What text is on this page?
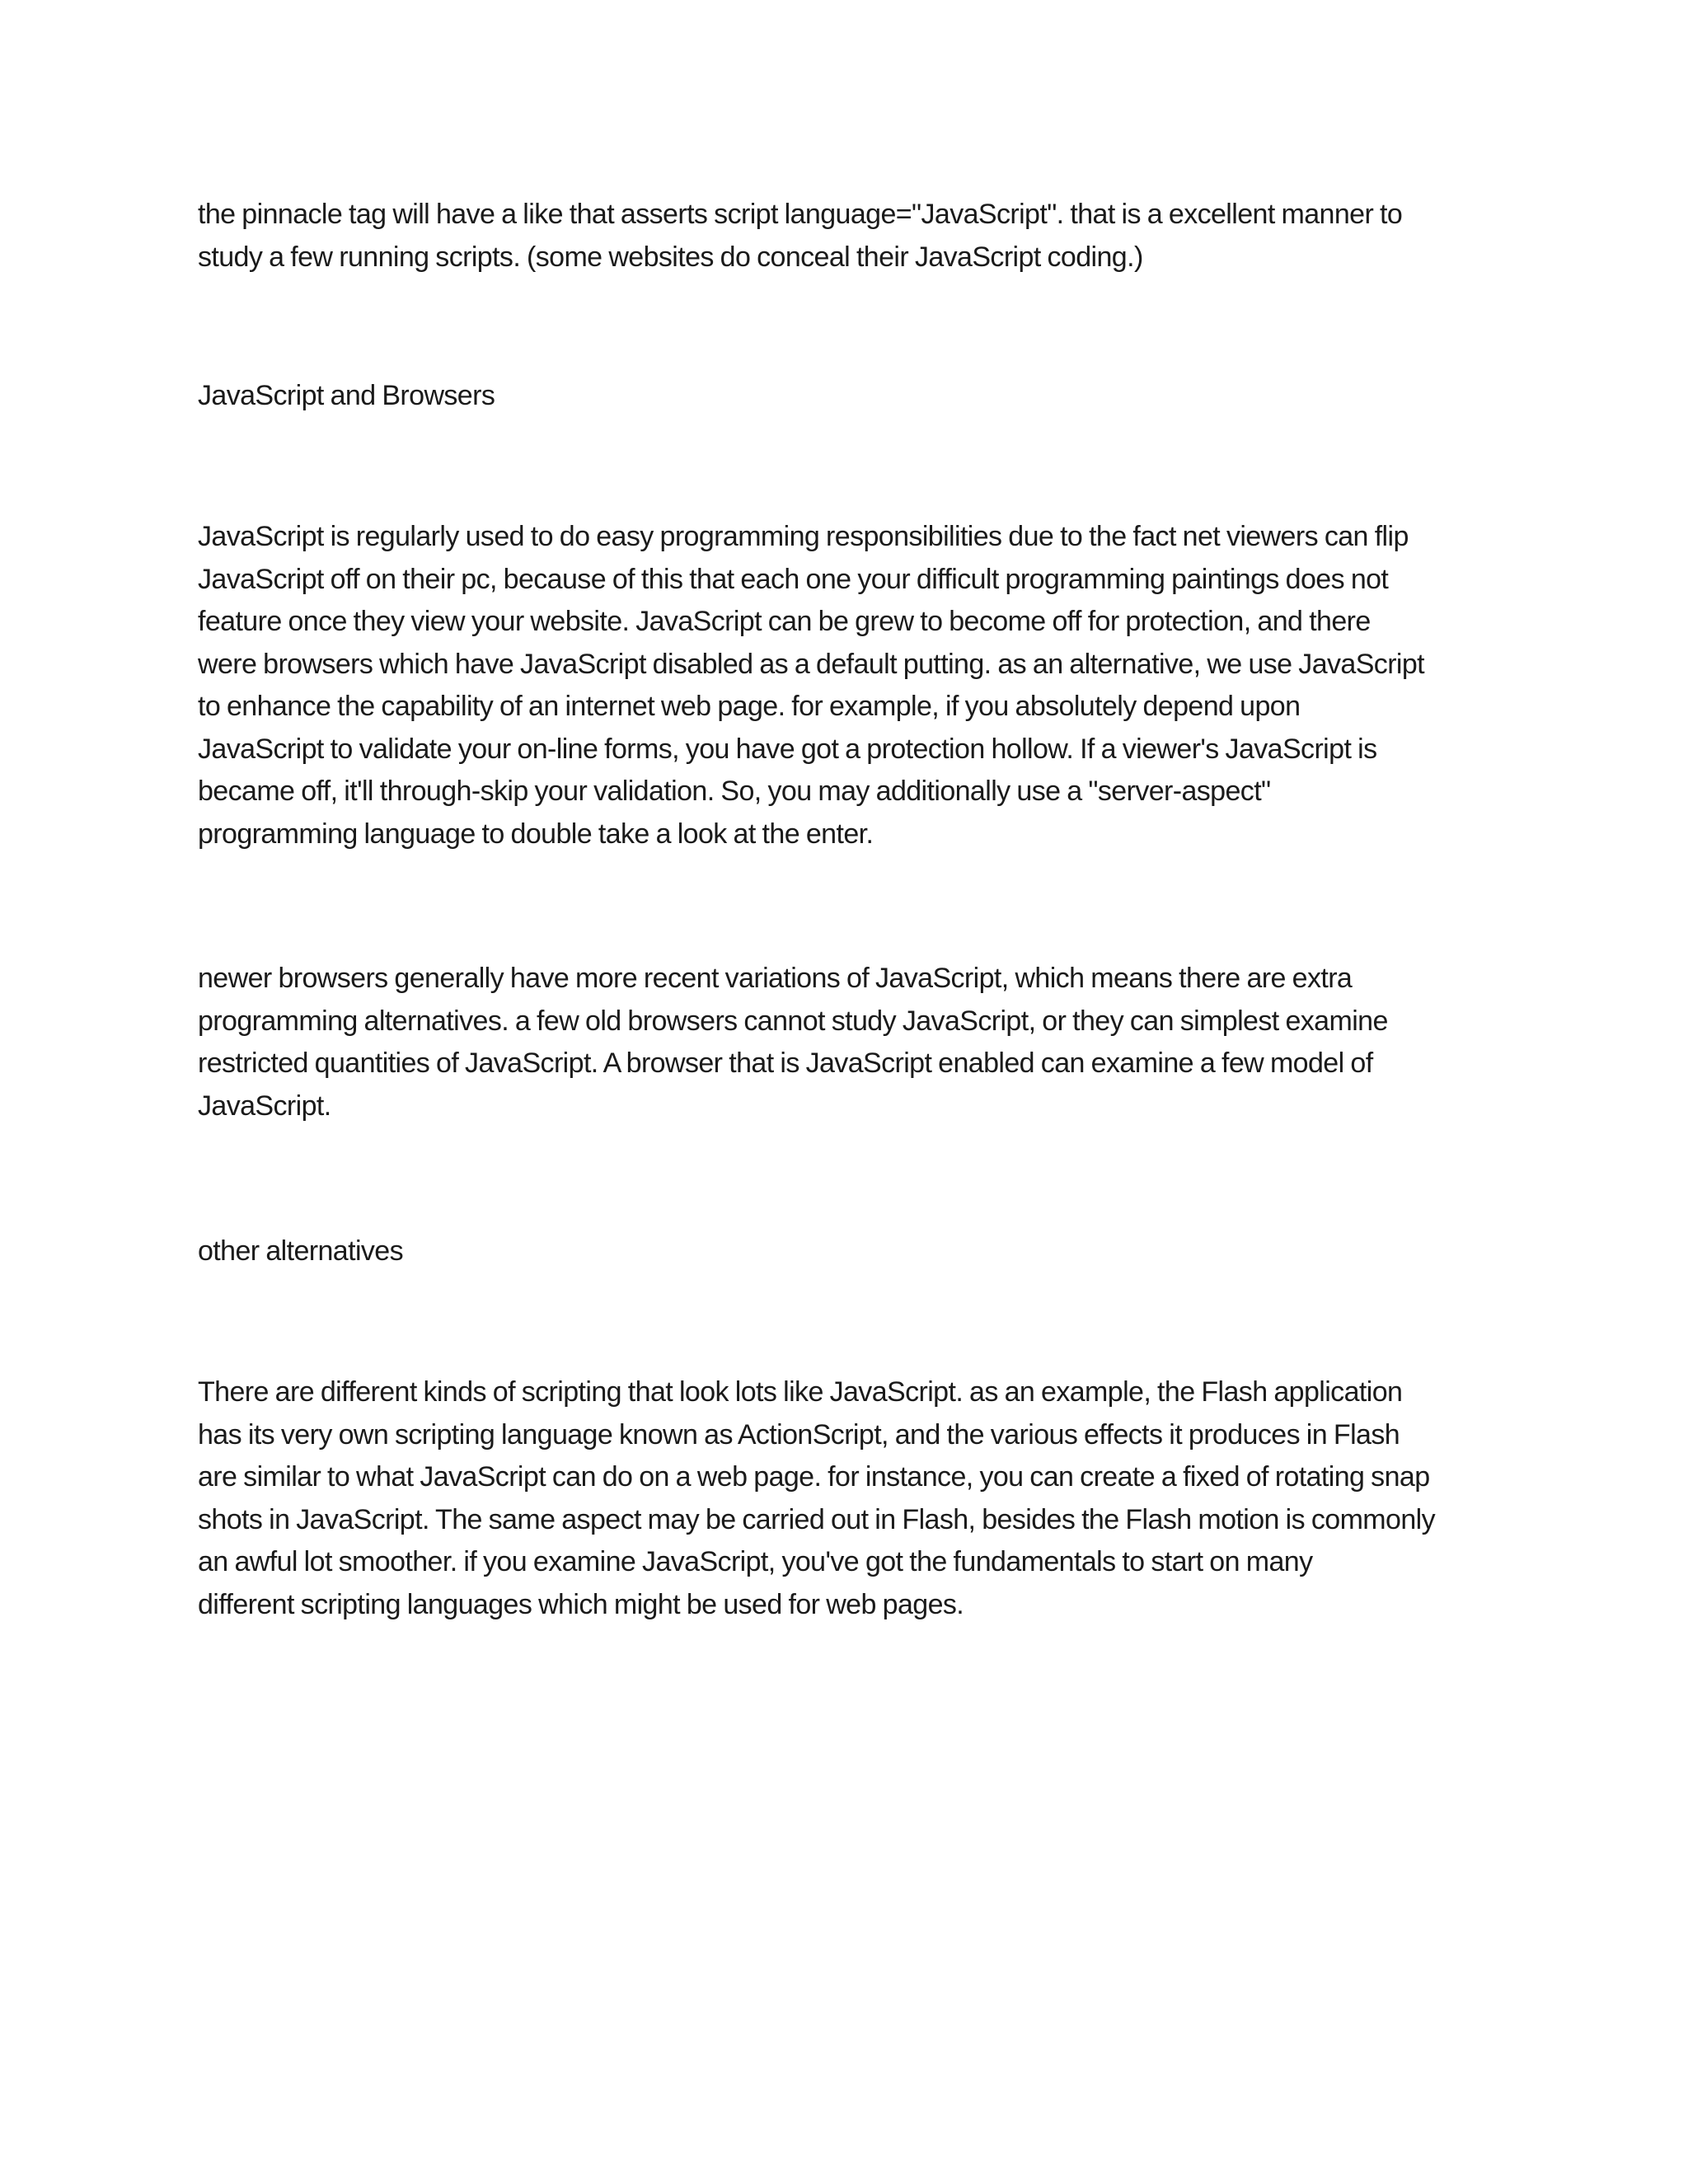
the pinnacle tag will have a like that asserts script language="JavaScript". that is a excellent manner to
study a few running scripts. (some websites do conceal their JavaScript coding.)
JavaScript and Browsers
JavaScript is regularly used to do easy programming responsibilities due to the fact net viewers can flip
JavaScript off on their pc, because of this that each one your difficult programming paintings does not
feature once they view your website. JavaScript can be grew to become off for protection, and there
were browsers which have JavaScript disabled as a default putting. as an alternative, we use JavaScript
to enhance the capability of an internet web page. for example, if you absolutely depend upon
JavaScript to validate your on-line forms, you have got a protection hollow. If a viewer's JavaScript is
became off, it'll through-skip your validation. So, you may additionally use a "server-aspect"
programming language to double take a look at the enter.
newer browsers generally have more recent variations of JavaScript, which means there are extra
programming alternatives. a few old browsers cannot study JavaScript, or they can simplest examine
restricted quantities of JavaScript. A browser that is JavaScript enabled can examine a few model of
JavaScript.
other alternatives
There are different kinds of scripting that look lots like JavaScript. as an example, the Flash application
has its very own scripting language known as ActionScript, and the various effects it produces in Flash
are similar to what JavaScript can do on a web page. for instance, you can create a fixed of rotating snap
shots in JavaScript. The same aspect may be carried out in Flash, besides the Flash motion is commonly
an awful lot smoother. if you examine JavaScript, you've got the fundamentals to start on many
different scripting languages which might be used for web pages.
